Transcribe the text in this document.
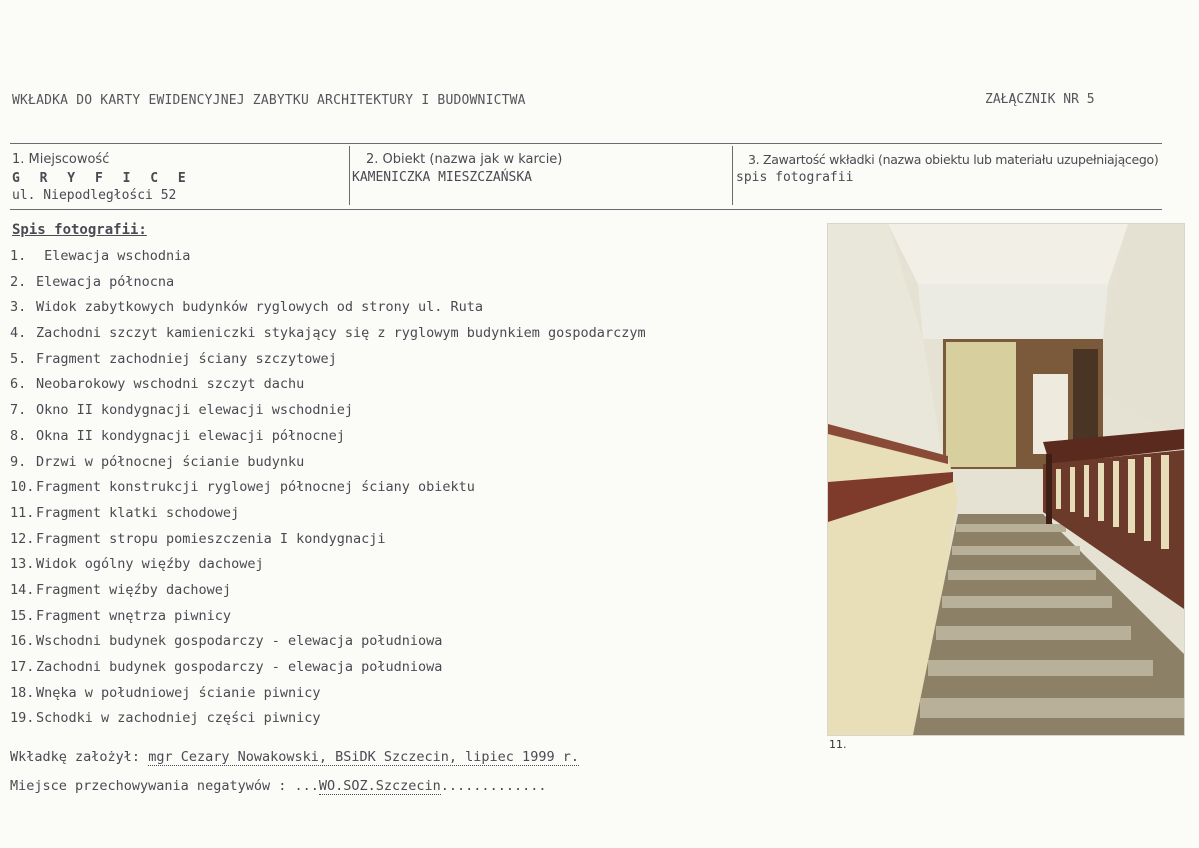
WKŁADKA DO KARTY EWIDENCYJNEJ ZABYTKU ARCHITEKTURY I BUDOWNICTWA	ZAŁĄCZNIK NR 5
1. Miejscowość
G R Y F I C E
ul. Niepodległości 52
2. Obiekt (nazwa jak w karcie)
KAMENICZKA MIESZCZAŃSKA
3. Zawartość wkładki (nazwa obiektu lub materiału uzupełniającego)
spis fotografii
Spis fotografii:
1. Elewacja wschodnia
2. Elewacja północna
3. Widok zabytkowych budynków ryglowych od strony ul. Ruta
4. Zachodni szczyt kamieniczki stykający się z ryglowym budynkiem gospodarczym
5. Fragment zachodniej ściany szczytowej
6. Neobarokowy wschodni szczyt dachu
7. Okno II kondygnacji elewacji wschodniej
8. Okna II kondygnacji elewacji północnej
9. Drzwi w północnej ścianie budynku
10. Fragment konstrukcji ryglowej północnej ściany obiektu
11. Fragment klatki schodowej
12. Fragment stropu pomieszczenia I kondygnacji
13. Widok ogólny więźby dachowej
14. Fragment więźby dachowej
15. Fragment wnętrza piwnicy
16. Wschodni budynek gospodarczy - elewacja południowa
17. Zachodni budynek gospodarczy - elewacja południowa
18. Wnęka w południowej ścianie piwnicy
19. Schodki w zachodniej części piwnicy
Wkładkę założył: mgr Cezary Nowakowski, BSiDK Szczecin, lipiec 1999 r.
Miejsce przechowywania negatywów : ...WO.SOZ.Szczecin.............
11.
